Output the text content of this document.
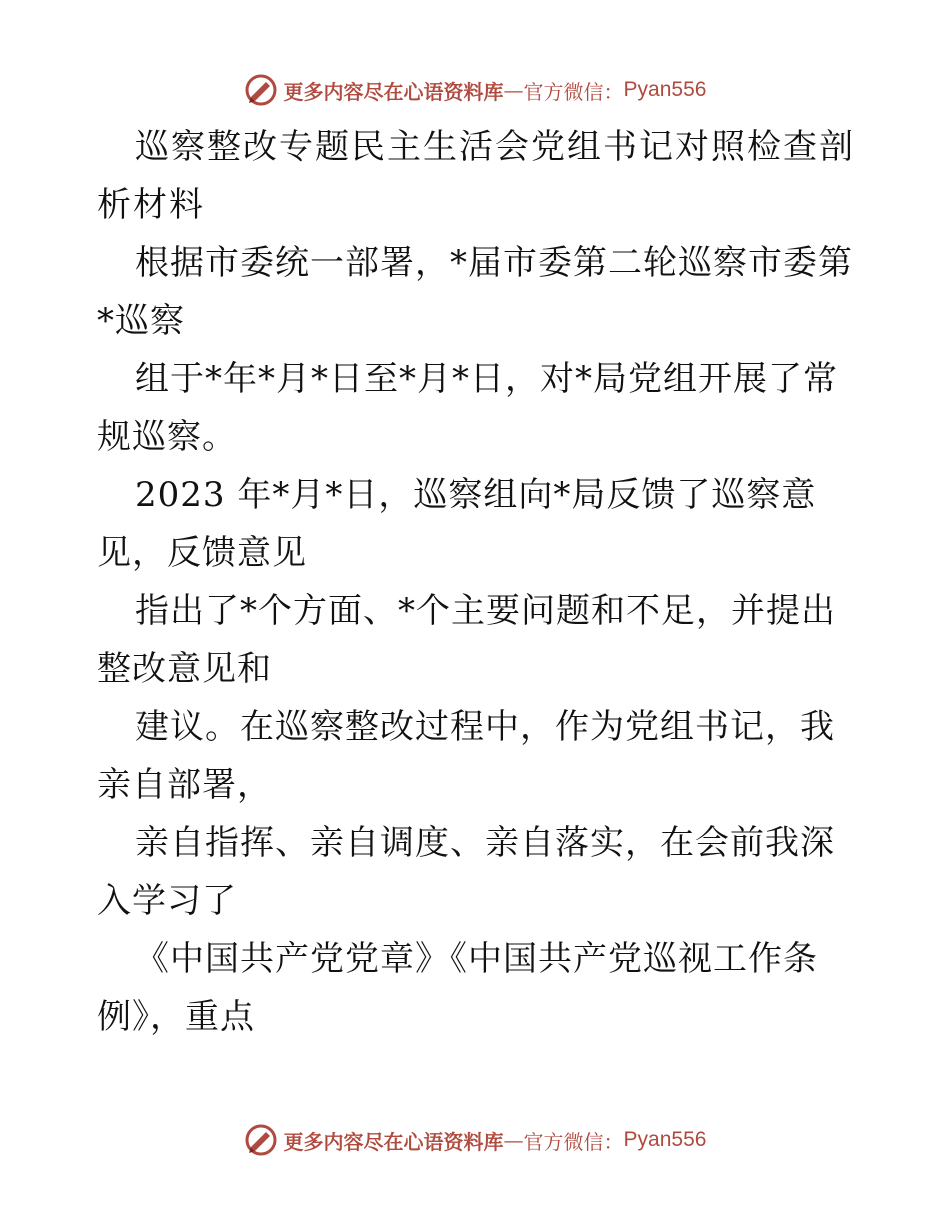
更多内容尽在心语资料库 — 官方微信： Pyan556

巡察整改专题民主生活会党组书记对照检查剖析材料

根据市委统一部署，*届市委第二轮巡察市委第*巡察

组于*年*月*日至*月*日，对*局党组开展了常规巡察。

2023 年*月*日，巡察组向*局反馈了巡察意见，反馈意见

指出了*个方面、*个主要问题和不足，并提出整改意见和

建议。在巡察整改过程中，作为党组书记，我亲自部署，

亲自指挥、亲自调度、亲自落实，在会前我深入学习了

《中国共产党党章》《中国共产党巡视工作条例》，重点

更多内容尽在心语资料库 — 官方微信： Pyan556
